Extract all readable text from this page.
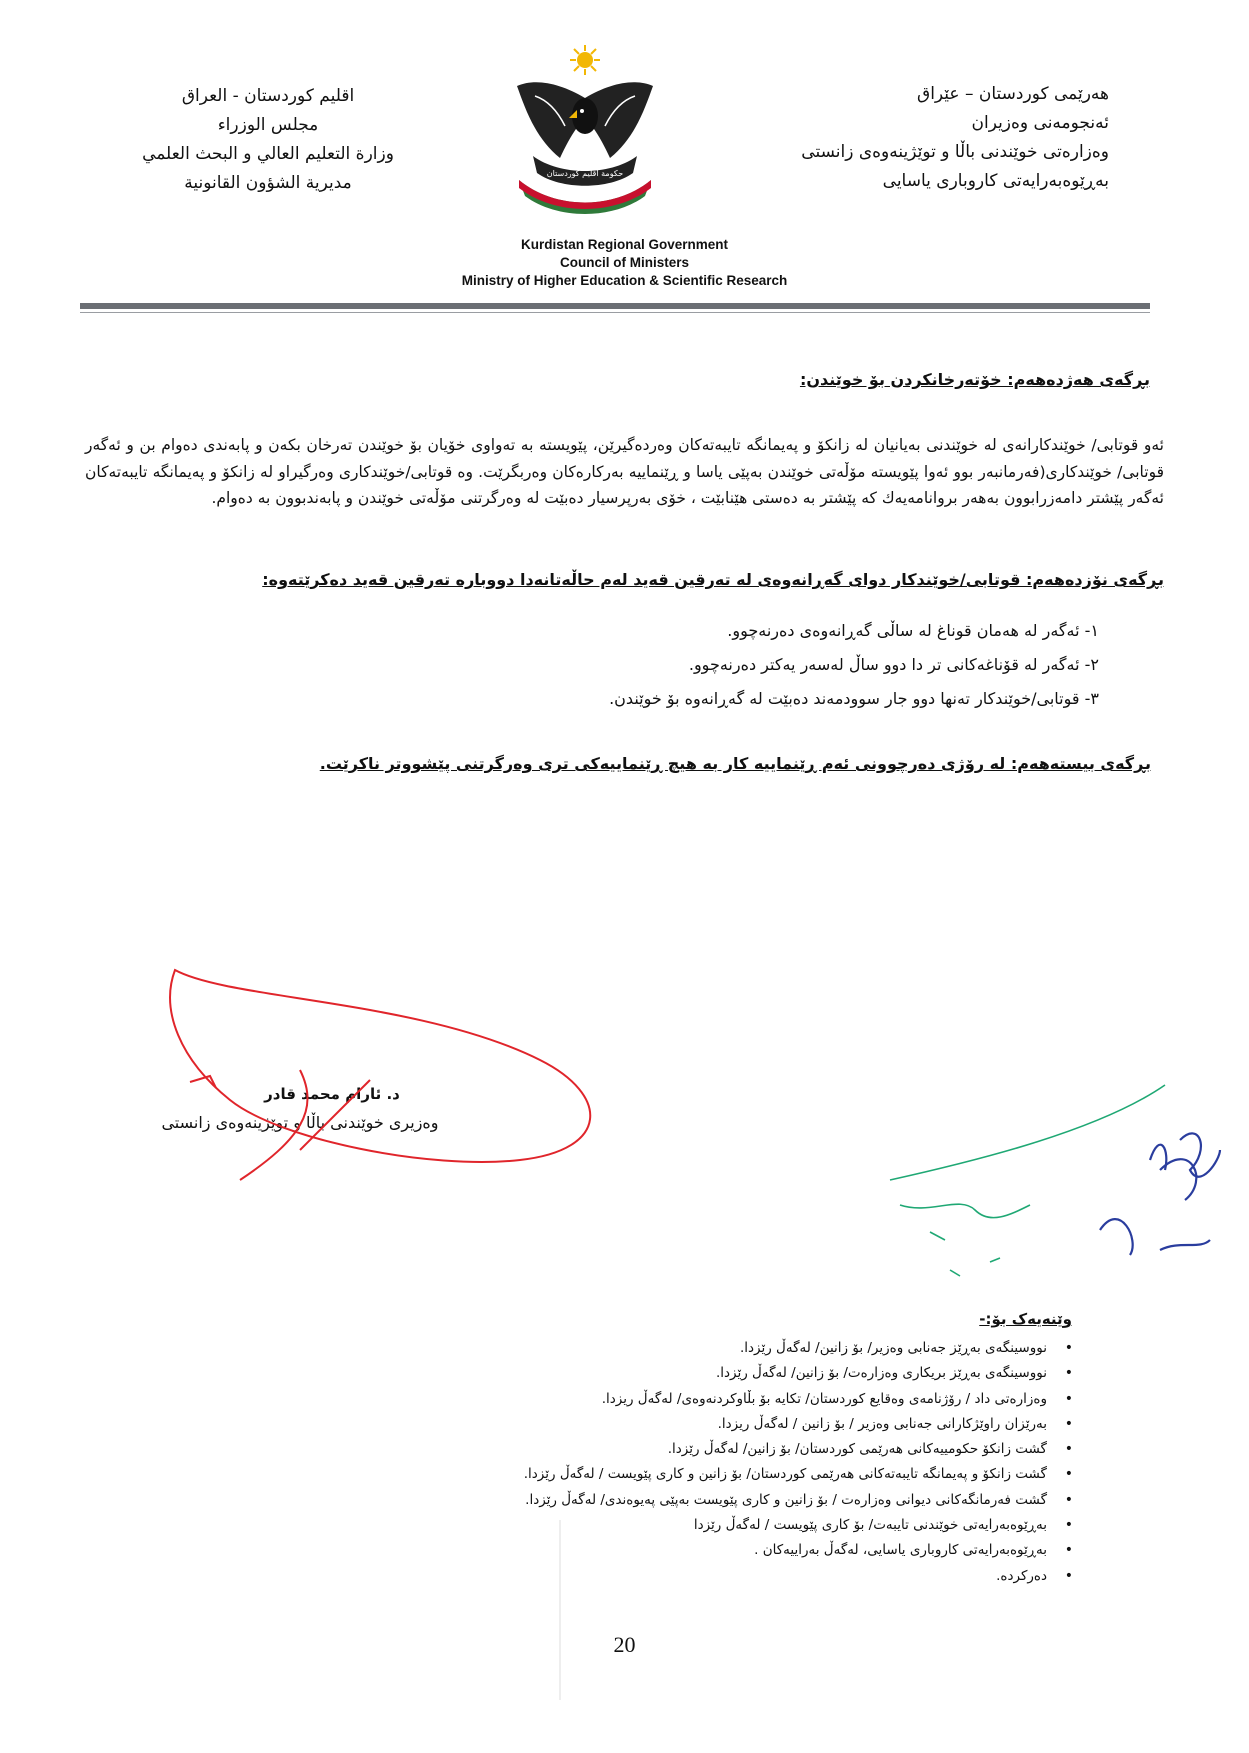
اقليم كوردستان - العراق
مجلس الوزراء
وزارة التعليم العالي و البحث العلمي
مديرية الشؤون القانونية
هەرێمی کوردستان – عێراق
ئەنجومەنی وەزیران
وەزارەتی خوێندنی باڵا و توێژینەوەی زانستی
بەڕێوەبەرایەتی کاروباری یاسایی
حكومة اقليم كوردستان
Kurdistan Regional Government
Council of Ministers
Ministry of Higher Education & Scientific Research
بڕگەی هەژدەهەم: خۆتەرخانکردن بۆ خوێندن:
ئەو قوتابی/ خوێندکارانەی لە خوێندنی بەیانیان لە زانکۆ و پەیمانگە تایبەتەکان وەردەگیرێن، پێویستە بە تەواوی خۆیان بۆ خوێندن تەرخان بکەن و پابەندی دەوام بن و ئەگەر قوتابی/ خوێندکاری(فەرمانبەر بوو ئەوا پێویستە مۆڵەتی خوێندن بەپێی یاسا و ڕێنماییە بەرکارەکان وەربگرێت. وە قوتابی/خوێندکاری وەرگیراو لە زانکۆ و پەیمانگە تایبەتەکان ئەگەر پێشتر دامەزرابوون بەهەر بروانامەیەك کە پێشتر بە دەستی هێنابێت ، خۆی بەرپرسیار دەبێت لە وەرگرتنی مۆڵەتی خوێندن و پابەندبوون بە دەوام.
بڕگەی نۆزدەهەم: قوتابی/خوێندکار دوای گەڕانەوەی لە تەرقین قەید لەم حاڵەتانەدا دووبارە تەرقین قەید دەکرێتەوە:
١- ئەگەر لە هەمان قوناغ لە ساڵی گەڕانەوەی دەرنەچوو.
٢- ئەگەر لە قۆناغەکانی تر دا دوو ساڵ لەسەر یەکتر دەرنەچوو.
٣- قوتابی/خوێندکار تەنها دوو جار سوودمەند دەبێت لە گەڕانەوە بۆ خوێندن.
بڕگەی بیستەهەم: لە رۆژی دەرچوونی ئەم ڕێنماییە کار بە هیچ ڕێنماییەکی تری وەرگرتنی پێشووتر ناکرێت.
د. ئارام محمد قادر
وەزیری خوێندنی باڵا و توێژینەوەی زانستی
وێنەیەک بۆ:-
• نووسینگەی بەڕێز جەنابی وەزیر/ بۆ زانین/ لەگەڵ رێزدا.
• نووسینگەی بەڕێز بریکاری وەزارەت/ بۆ زانین/ لەگەڵ رێزدا.
• وەزارەتی داد / رۆژنامەی وەقایع کوردستان/ تکایە بۆ بڵاوکردنەوەی/ لەگەڵ ریزدا.
• بەرێزان راوێژکارانی جەنابی وەزیر / بۆ زانین / لەگەڵ ریزدا.
• گشت زانکۆ حکومییەکانی هەرێمی کوردستان/ بۆ زانین/ لەگەڵ رێزدا.
• گشت زانکۆ و پەیمانگە تایبەتەکانی هەرێمی کوردستان/ بۆ زانین و کاری پێویست / لەگەڵ رێزدا.
• گشت فەرمانگەکانی دیوانی وەزارەت / بۆ زانین و کاری پێویست بەپێی پەیوەندی/ لەگەڵ رێزدا.
• بەڕێوەبەرایەتی خوێندنی تایبەت/ بۆ کاری پێویست / لەگەڵ رێزدا
• بەڕێوەبەرایەتی کاروباری یاسایی، لەگەڵ بەراییەکان .
• دەرکردە.
20
